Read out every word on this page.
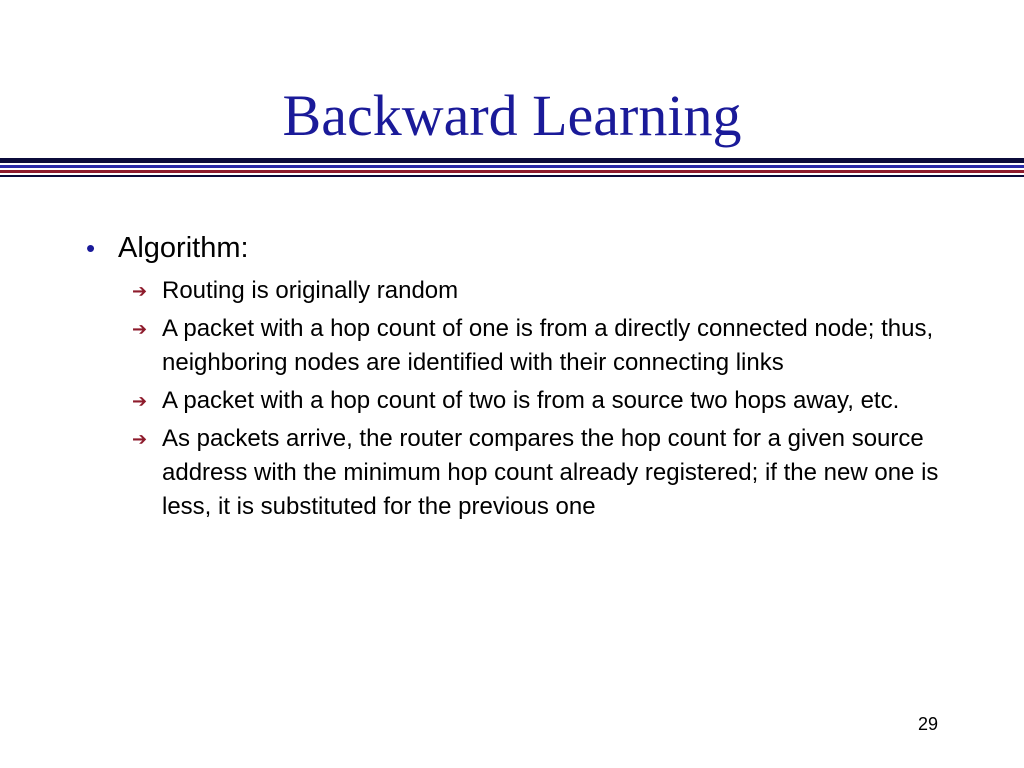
Backward Learning
• Algorithm:
➔ Routing is originally random
➔ A packet with a hop count of one is from a directly connected node; thus, neighboring nodes are identified with their connecting links
➔ A packet with a hop count of two is from a source two hops away, etc.
➔ As packets arrive, the router compares the hop count for a given source address with the minimum hop count already registered; if the new one is less, it is substituted for the previous one
29
